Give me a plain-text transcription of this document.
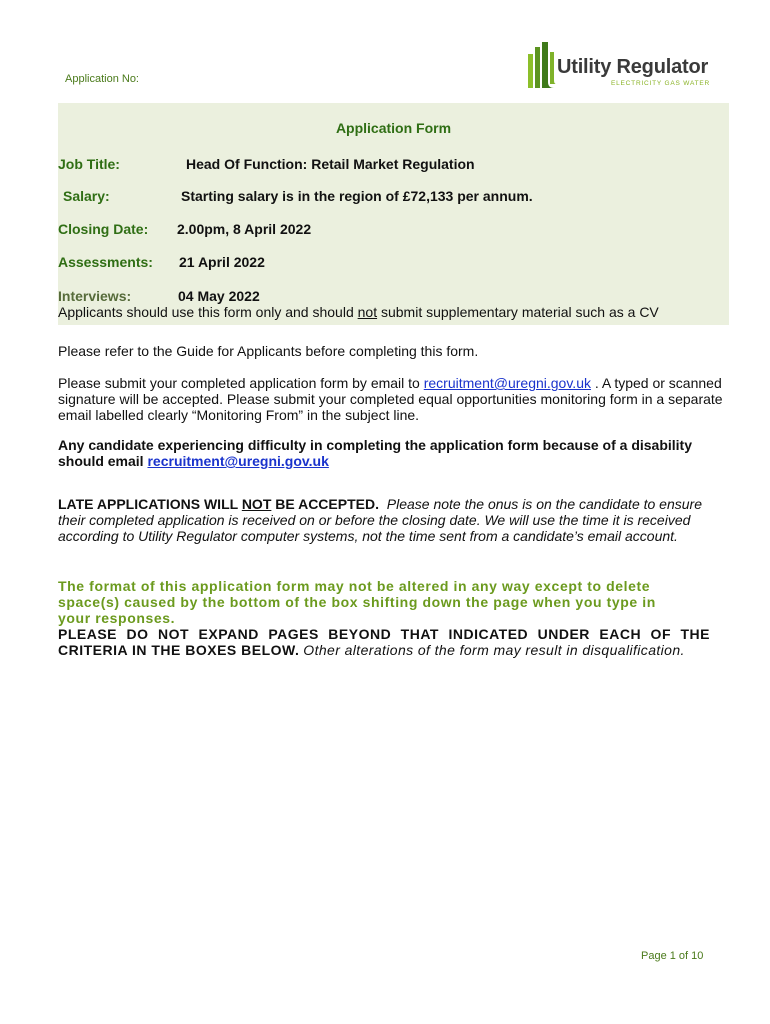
Application No:
Utility Regulator
ELECTRICITY GAS WATER
Application Form
Job Title:	Head Of Function: Retail Market Regulation
Salary:	Starting salary is in the region of £72,133 per annum.
Closing Date: 2.00pm, 8 April 2022
Assessments: 21 April 2022
Interviews:	04 May 2022
Applicants should use this form only and should not submit supplementary material such as a CV
Please refer to the Guide for Applicants before completing this form.
Please submit your completed application form by email to recruitment@uregni.gov.uk . A typed or scanned signature will be accepted. Please submit your completed equal opportunities monitoring form in a separate email labelled clearly “Monitoring From” in the subject line.
Any candidate experiencing difficulty in completing the application form because of a disability should email recruitment@uregni.gov.uk
LATE APPLICATIONS WILL NOT BE ACCEPTED. Please note the onus is on the candidate to ensure their completed application is received on or before the closing date. We will use the time it is received according to Utility Regulator computer systems, not the time sent from a candidate’s email account.
The format of this application form may not be altered in any way except to delete space(s) caused by the bottom of the box shifting down the page when you type in your responses.
PLEASE DO NOT EXPAND PAGES BEYOND THAT INDICATED UNDER EACH OF THE CRITERIA IN THE BOXES BELOW. Other alterations of the form may result in disqualification.
Page 1 of 10
